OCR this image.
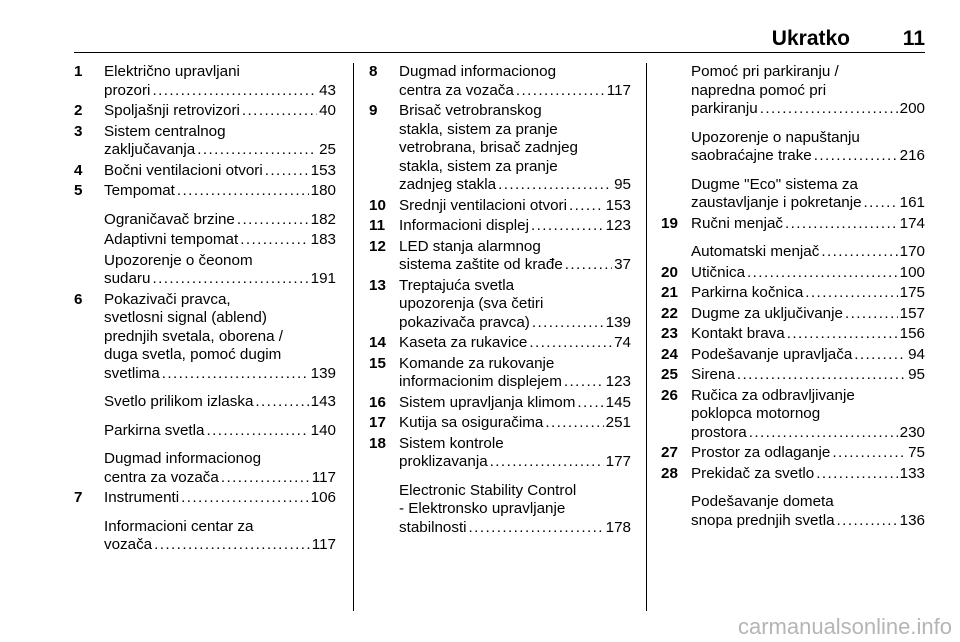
Ukratko	11
1	Električno upravljani
prozori . . .	43
2	Spoljašnji retrovizori . . .	40
3	Sistem centralnog
zaključavanja . . .	25
4	Bočni ventilacioni otvori . . .	153
5	Tempomat . . .	180
Ograničavač brzine . . .	182
Adaptivni tempomat . . .	183
Upozorenje o čeonom
sudaru . . .	191
6	Pokazivači pravca,
svetlosni signal (ablend)
prednjih svetala, oborena /
duga svetla, pomoć dugim
svetlima . . .	139
Svetlo prilikom izlaska . . .	143
Parkirna svetla . . .	140
Dugmad informacionog
centra za vozača . . .	117
7	Instrumenti . . .	106
Informacioni centar za
vozača . . .	117
8	Dugmad informacionog
centra za vozača . . .	117
9	Brisač vetrobranskog
stakla, sistem za pranje
vetrobrana, brisač zadnjeg
stakla, sistem za pranje
zadnjeg stakla . . .	95
10 Srednji ventilacioni otvori . . .	153
11 Informacioni displej . . .	123
12 LED stanja alarmnog
sistema zaštite od krađe . . .	37
13 Treptajuća svetla
upozorenja (sva četiri
pokazivača pravca) . . .	139
14 Kaseta za rukavice . . .	74
15 Komande za rukovanje
informacionim displejem . . .	123
16 Sistem upravljanja klimom . . . 145
17 Kutija sa osiguračima . . .	251
18 Sistem kontrole
proklizavanja . . .	177
Electronic Stability Control
- Elektronsko upravljanje
stabilnosti . . .	178
Pomoć pri parkiranju /
napredna pomoć pri
parkiranju . . .	200
Upozorenje o napuštanju
saobraćajne trake . . .	216
Dugme "Eco" sistema za
zaustavljanje i pokretanje . . .	161
19 Ručni menjač . . .	174
Automatski menjač . . .	170
20 Utičnica . . .	100
21 Parkirna kočnica . . .	175
22 Dugme za uključivanje . . .	157
23 Kontakt brava . . .	156
24 Podešavanje upravljača . . .	94
25 Sirena . . .	95
26 Ručica za odbravljivanje
poklopca motornog
prostora . . .	230
27 Prostor za odlaganje . . .	75
28 Prekidač za svetlo . . .	133
Podešavanje dometa
snopa prednjih svetla . . .	136
carmanualsonline.info
